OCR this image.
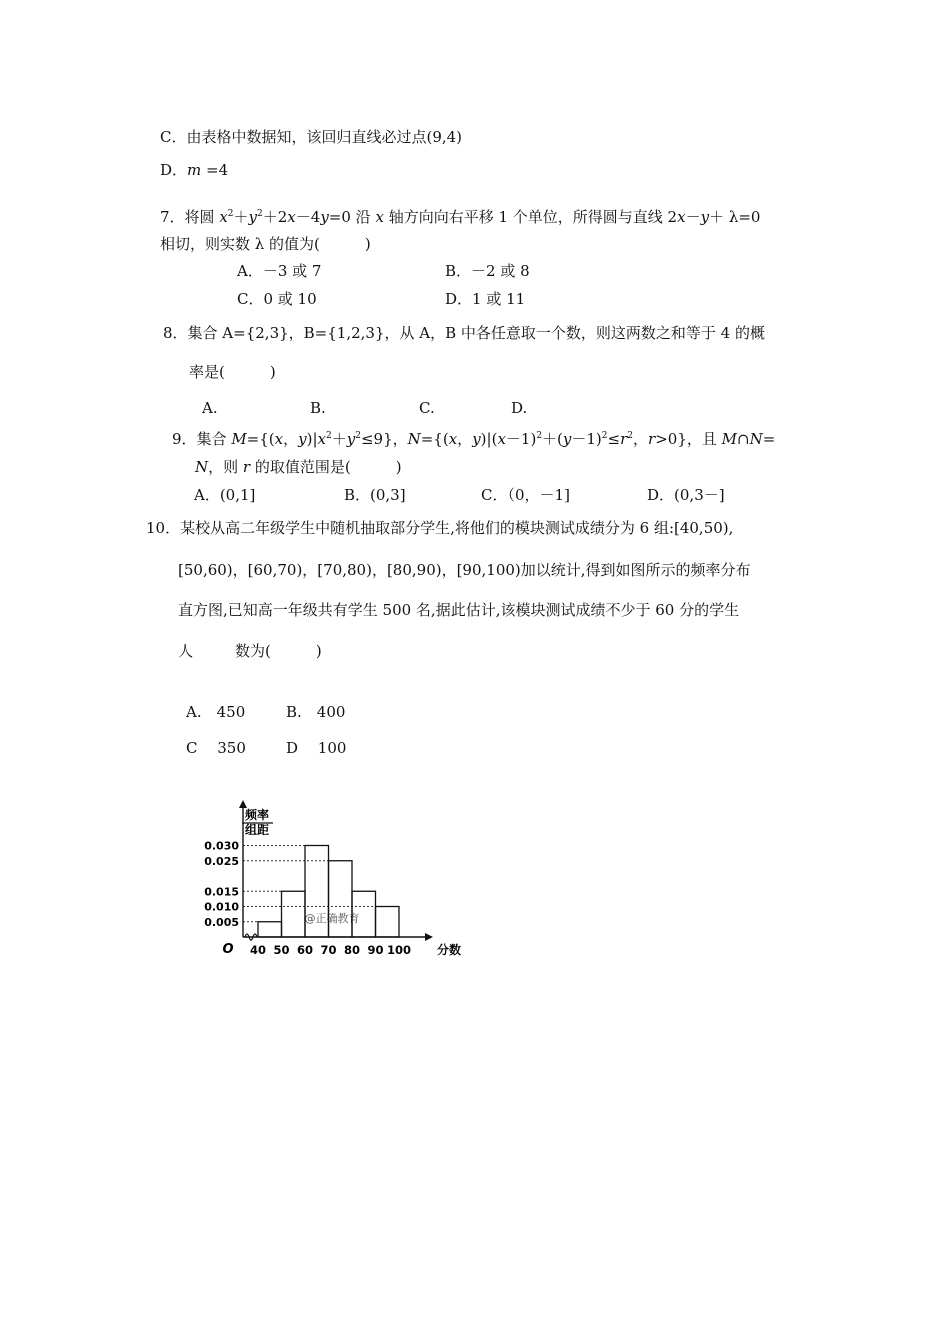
C．由表格中数据知，该回归直线必过点(9,4)
D．m =4
7．将圆 $x^2+y^2+2x-4y=0$ 沿 x 轴方向向右平移 1 个单位，所得圆与直线 2x－y＋ λ=0
相切，则实数 λ 的值为(　　　)
A．－3 或 7	B．－2 或 8
C．0 或 10	D．1 或 11
8．集合 A={2,3}，B={1,2,3}，从 A，B 中各任意取一个数，则这两数之和等于 4 的概
率是(　　　)
A.	B.	C.	D.
9．集合 M={(x，$y)|x^2+y^2\le 9$}，N={(x，$y)|(x-1)^2+(y-1)^2\le r^2$，r>0}，且 M∩N=
N，则 r 的取值范围是(　　　)
A．(0,1]	B．(0,3]	C．（0，－1]	D．(0,3－]
10．某校从高二年级学生中随机抽取部分学生,将他们的模块测试成绩分为 6 组:[40,50),
[50,60)，[60,70)，[70,80)，[80,90)，[90,100)加以统计,得到如图所示的频率分布
直方图,已知高一年级共有学生 500 名,据此估计,该模块测试成绩不少于 60 分的学生
人	数为(　　　)
A.　450	B.　400
C　 350	D　 100
频率
组距
O
@正确教育
分数
0.030
0.025
0.015
0.010
0.005
40 50 60 70 80 90 100
